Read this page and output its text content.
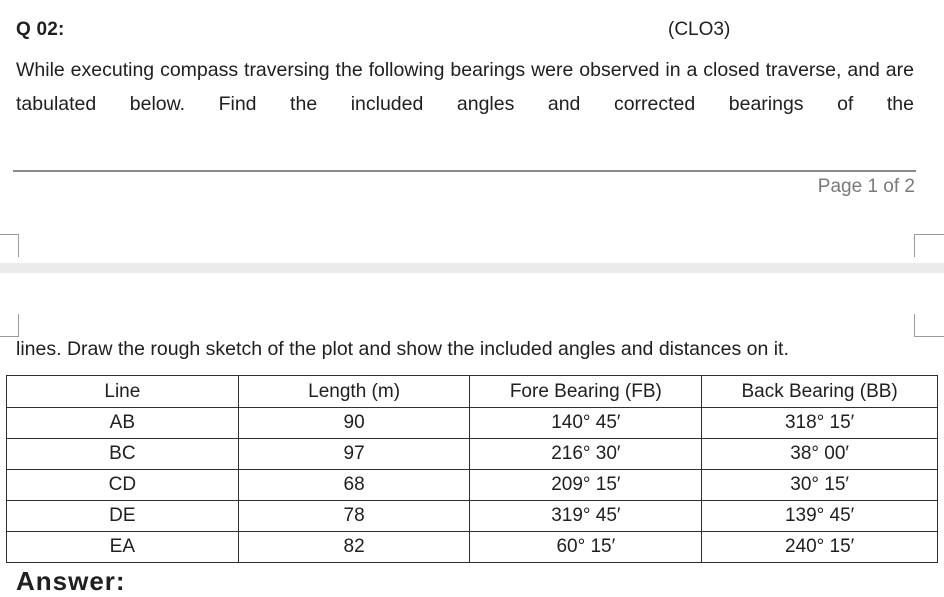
Q 02:	(CLO3)
While executing compass traversing the following bearings were observed in a closed traverse, and are tabulated below. Find the included angles and corrected bearings of the
Page 1 of 2
lines. Draw the rough sketch of the plot and show the included angles and distances on it.
Line	Length (m)	Fore Bearing (FB)	Back Bearing (BB)
AB	90	140° 45′	318° 15′
BC	97	216° 30′	38° 00′
CD	68	209° 15′	30° 15′
DE	78	319° 45′	139° 45′
EA	82	60° 15′	240° 15′
Answer:
